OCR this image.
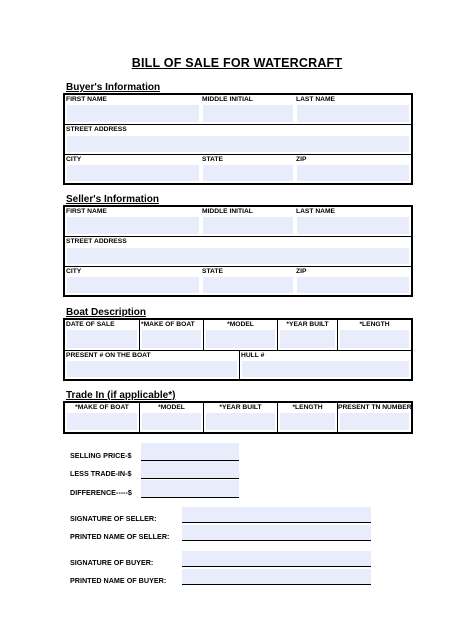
BILL OF SALE FOR WATERCRAFT
Buyer's Information
FIRST NAME	MIDDLE INITIAL	LAST NAME
STREET ADDRESS
CITY	STATE	ZIP
Seller's Information
FIRST NAME	MIDDLE INITIAL	LAST NAME
STREET ADDRESS
CITY	STATE	ZIP
Boat Description
DATE OF SALE	*MAKE OF BOAT	*MODEL	*YEAR BUILT	*LENGTH
PRESENT # ON THE BOAT	HULL #
Trade In (if applicable*)
*MAKE OF BOAT	*MODEL	*YEAR BUILT	*LENGTH	PRESENT TN NUMBER
SELLING PRICE-$
LESS TRADE-IN-$
DIFFERENCE-----$
SIGNATURE OF SELLER:
PRINTED NAME OF SELLER:
SIGNATURE OF BUYER:
PRINTED NAME OF BUYER:
